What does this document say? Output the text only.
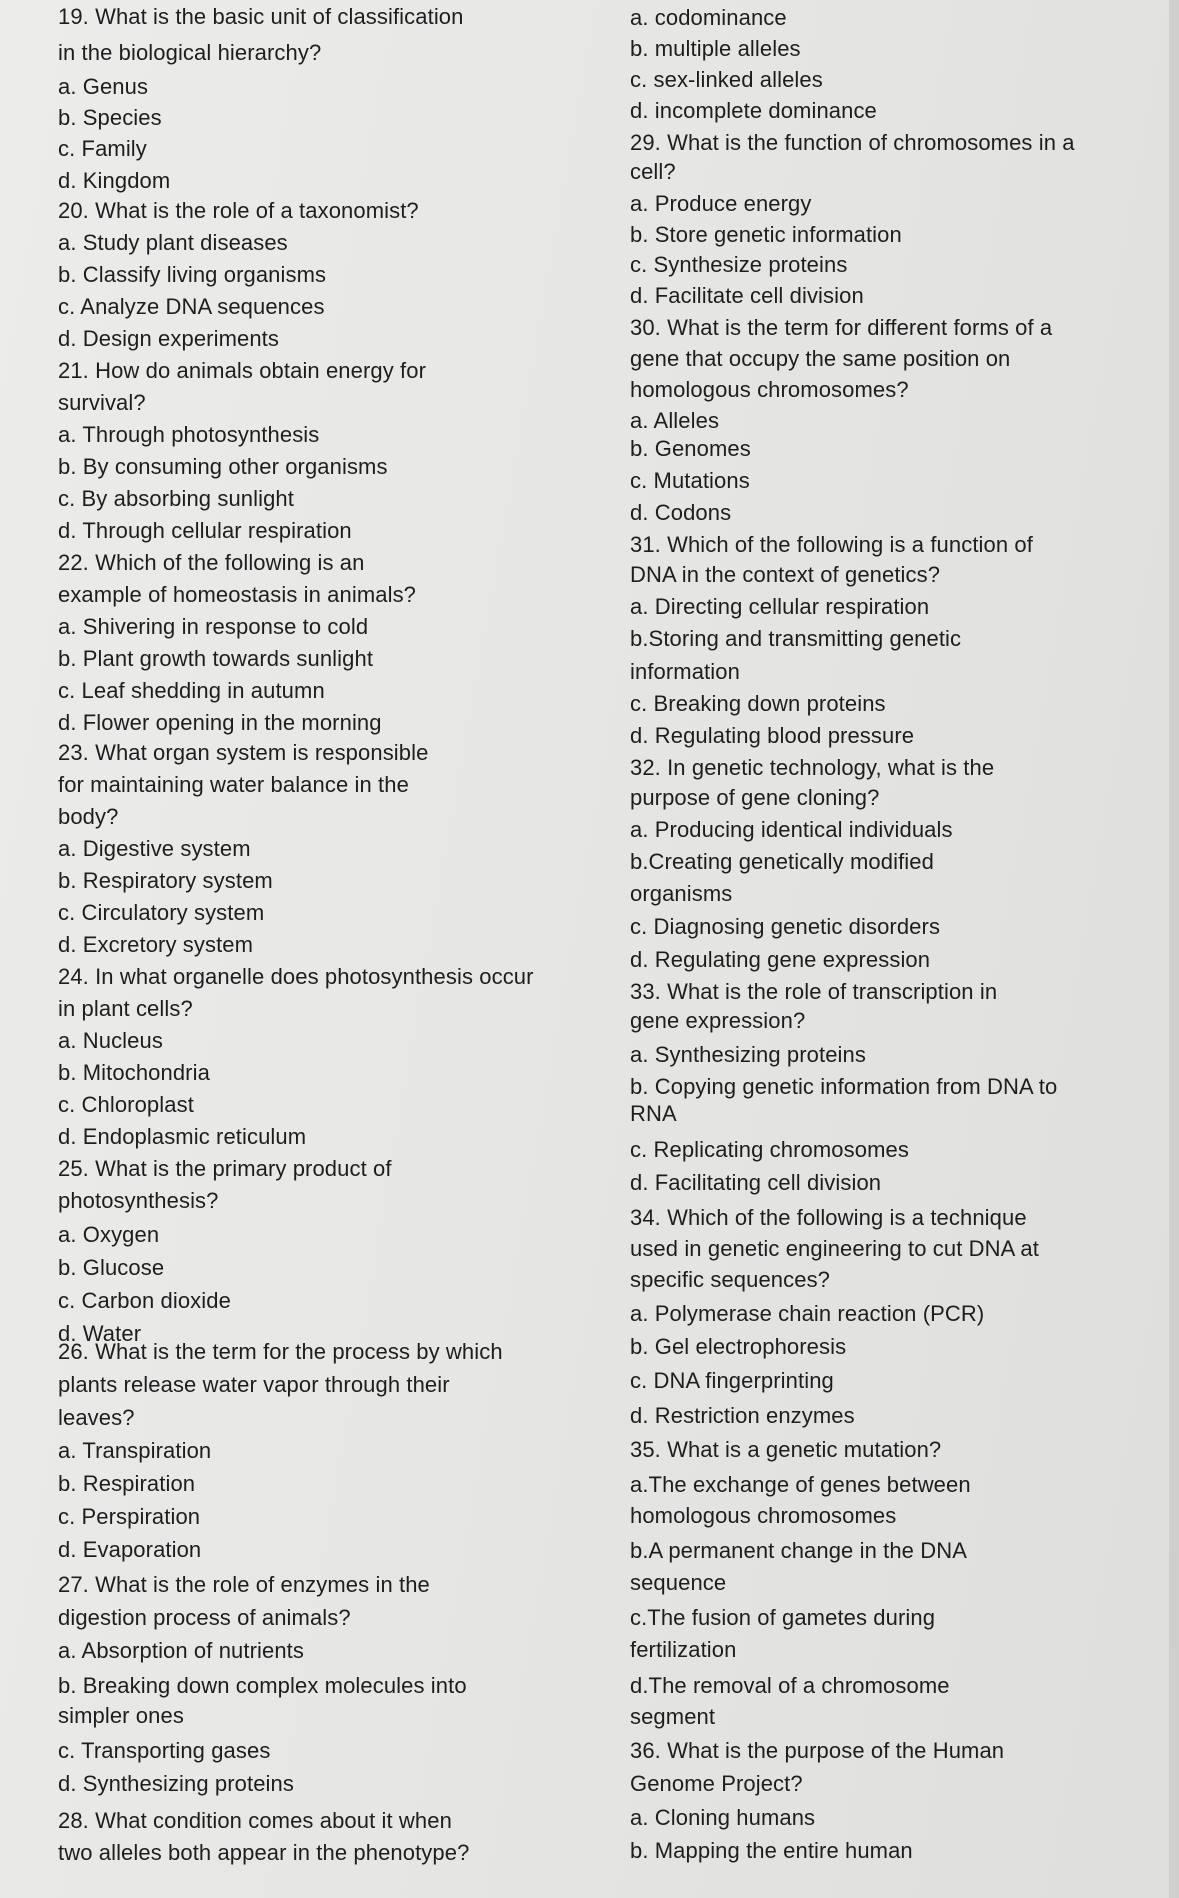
19. What is the basic unit of classification
in the biological hierarchy?
a. Genus
b. Species
c. Family
d. Kingdom
20. What is the role of a taxonomist?
a. Study plant diseases
b. Classify living organisms
c. Analyze DNA sequences
d. Design experiments
21. How do animals obtain energy for
survival?
a. Through photosynthesis
b. By consuming other organisms
c. By absorbing sunlight
d. Through cellular respiration
22. Which of the following is an
example of homeostasis in animals?
a. Shivering in response to cold
b. Plant growth towards sunlight
c. Leaf shedding in autumn
d. Flower opening in the morning
23. What organ system is responsible
for maintaining water balance in the
body?
a. Digestive system
b. Respiratory system
c. Circulatory system
d. Excretory system
24. In what organelle does photosynthesis occur
in plant cells?
a. Nucleus
b. Mitochondria
c. Chloroplast
d. Endoplasmic reticulum
25. What is the primary product of
photosynthesis?
a. Oxygen
b. Glucose
c. Carbon dioxide
d. Water
26. What is the term for the process by which
plants release water vapor through their
leaves?
a. Transpiration
b. Respiration
c. Perspiration
d. Evaporation
27. What is the role of enzymes in the
digestion process of animals?
a. Absorption of nutrients
b. Breaking down complex molecules into
simpler ones
c. Transporting gases
d. Synthesizing proteins
28. What condition comes about it when
two alleles both appear in the phenotype?
a. codominance
b. multiple alleles
c. sex-linked alleles
d. incomplete dominance
29. What is the function of chromosomes in a
cell?
a. Produce energy
b. Store genetic information
c. Synthesize proteins
d. Facilitate cell division
30. What is the term for different forms of a
gene that occupy the same position on
homologous chromosomes?
a. Alleles
b. Genomes
c. Mutations
d. Codons
31. Which of the following is a function of
DNA in the context of genetics?
a. Directing cellular respiration
b.Storing and transmitting genetic
information
c. Breaking down proteins
d. Regulating blood pressure
32. In genetic technology, what is the
purpose of gene cloning?
a. Producing identical individuals
b.Creating genetically modified
organisms
c. Diagnosing genetic disorders
d. Regulating gene expression
33. What is the role of transcription in
gene expression?
a. Synthesizing proteins
b. Copying genetic information from DNA to
RNA
c. Replicating chromosomes
d. Facilitating cell division
34. Which of the following is a technique
used in genetic engineering to cut DNA at
specific sequences?
a. Polymerase chain reaction (PCR)
b. Gel electrophoresis
c. DNA fingerprinting
d. Restriction enzymes
35. What is a genetic mutation?
a.The exchange of genes between
homologous chromosomes
b.A permanent change in the DNA
sequence
c.The fusion of gametes during
fertilization
d.The removal of a chromosome
segment
36. What is the purpose of the Human
Genome Project?
a. Cloning humans
b. Mapping the entire human
